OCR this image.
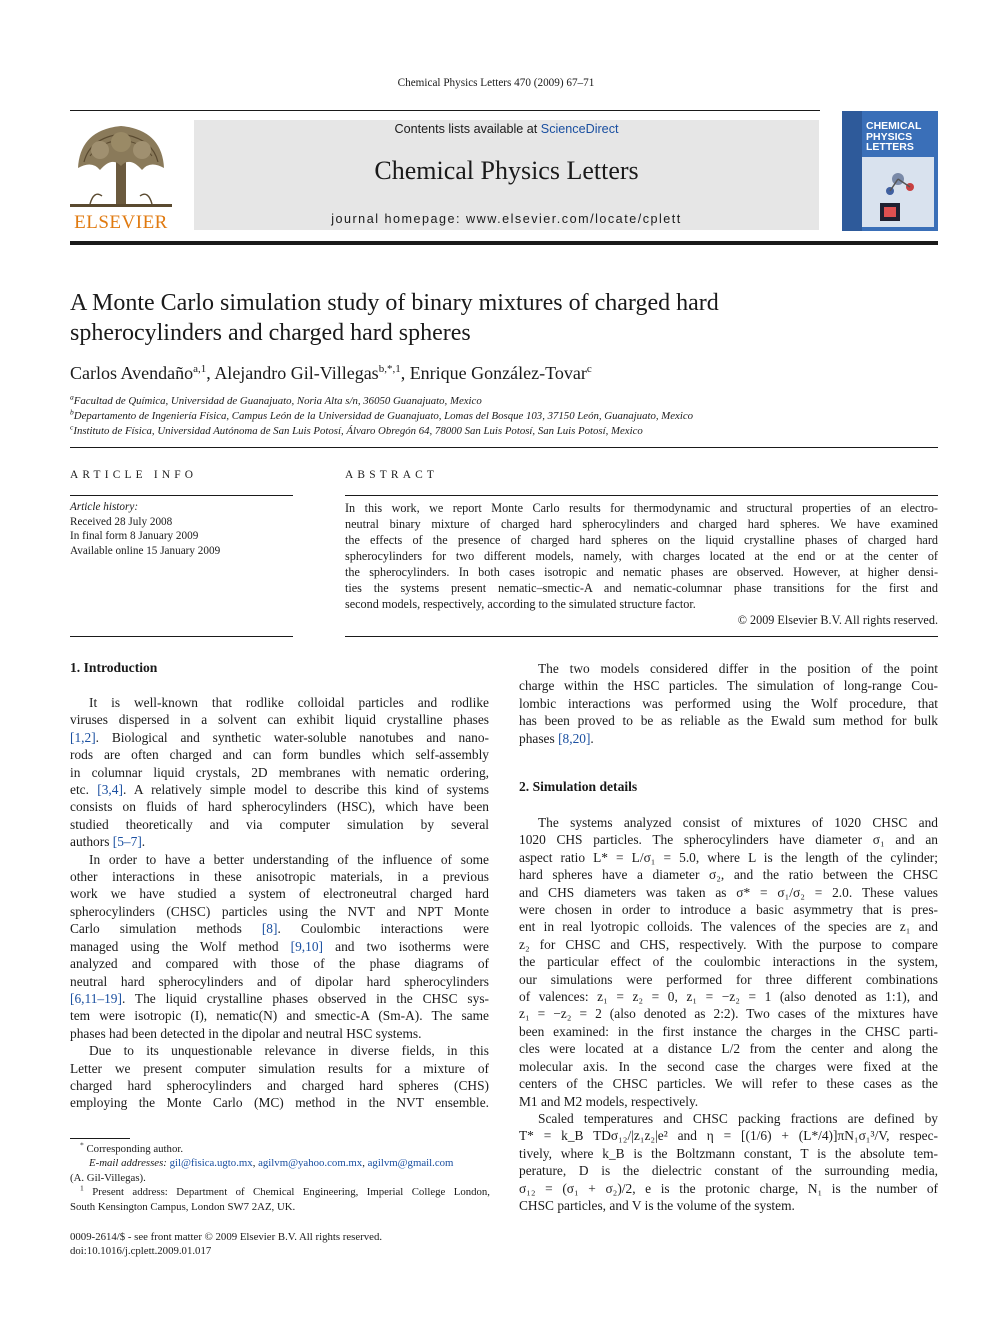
Chemical Physics Letters 470 (2009) 67–71
ELSEVIER
Contents lists available at ScienceDirect
Chemical Physics Letters
journal homepage: www.elsevier.com/locate/cplett
CHEMICAL
PHYSICS
LETTERS
A Monte Carlo simulation study of binary mixtures of charged hard
spherocylinders and charged hard spheres
Carlos Avendaño$^{a,1}$, Alejandro Gil-Villegas$^{b,*,1}$, Enrique González-Tovar$^c$
$^a$Facultad de Química, Universidad de Guanajuato, Noria Alta s/n, 36050 Guanajuato, Mexico
$^b$Departamento de Ingeniería Física, Campus León de la Universidad de Guanajuato, Lomas del Bosque 103, 37150 León, Guanajuato, Mexico
$^c$Instituto de Física, Universidad Autónoma de San Luis Potosí, Álvaro Obregón 64, 78000 San Luis Potosí, San Luis Potosí, Mexico
ARTICLE INFO
Article history:
Received 28 July 2008
In final form 8 January 2009
Available online 15 January 2009
ABSTRACT
In this work, we report Monte Carlo results for thermodynamic and structural properties of an electro-
neutral binary mixture of charged hard spherocylinders and charged hard spheres. We have examined
the effects of the presence of charged hard spheres on the liquid crystalline phases of charged hard
spherocylinders for two different models, namely, with charges located at the end or at the center of
the spherocylinders. In both cases isotropic and nematic phases are observed. However, at higher densi-
ties the systems present nematic–smectic-A and nematic-columnar phase transitions for the first and
second models, respectively, according to the simulated structure factor.
© 2009 Elsevier B.V. All rights reserved.
1. Introduction

It is well-known that rodlike colloidal particles and rodlike

viruses dispersed in a solvent can exhibit liquid crystalline phases

[1,2]. Biological and synthetic water-soluble nanotubes and nano-

rods are often charged and can form bundles which self-assembly

in columnar liquid crystals, 2D membranes with nematic ordering,

etc. [3,4]. A relatively simple model to describe this kind of systems

consists on fluids of hard spherocylinders (HSC), which have been

studied theoretically and via computer simulation by several

authors [5–7].

In order to have a better understanding of the influence of some

other interactions in these anisotropic materials, in a previous

work we have studied a system of electroneutral charged hard

spherocylinders (CHSC) particles using the NVT and NPT Monte

Carlo simulation methods [8]. Coulombic interactions were

managed using the Wolf method [9,10] and two isotherms were

analyzed and compared with those of the phase diagrams of

neutral hard spherocylinders and of dipolar hard spherocylinders

[6,11–19]. The liquid crystalline phases observed in the CHSC sys-

tem were isotropic (I), nematic(N) and smectic-A (Sm-A). The same

phases had been detected in the dipolar and neutral HSC systems.

Due to its unquestionable relevance in diverse fields, in this

Letter we present computer simulation results for a mixture of

charged hard spherocylinders and charged hard spheres (CHS)

employing the Monte Carlo (MC) method in the NVT ensemble.

* Corresponding author.
E-mail addresses: gil@fisica.ugto.mx, agilvm@yahoo.com.mx, agilvm@gmail.com
(A. Gil-Villegas).
$^1$ Present address: Department of Chemical Engineering, Imperial College London,
South Kensington Campus, London SW7 2AZ, UK.
0009-2614/$ - see front matter © 2009 Elsevier B.V. All rights reserved.
doi:10.1016/j.cplett.2009.01.017

The two models considered differ in the position of the point

charge within the HSC particles. The simulation of long-range Cou-

lombic interactions was performed using the Wolf procedure, that

has been proved to be as reliable as the Ewald sum method for bulk

phases [8,20].

2. Simulation details

The systems analyzed consist of mixtures of 1020 CHSC and

1020 CHS particles. The spherocylinders have diameter σ₁ and an

aspect ratio L* = L/σ₁ = 5.0, where L is the length of the cylinder;

hard spheres have a diameter σ₂, and the ratio between the CHSC

and CHS diameters was taken as σ* = σ₁/σ₂ = 2.0. These values

were chosen in order to introduce a basic asymmetry that is pres-

ent in real lyotropic colloids. The valences of the species are z₁ and

z₂ for CHSC and CHS, respectively. With the purpose to compare

the particular effect of the coulombic interactions in the system,

our simulations were performed for three different combinations

of valences: z₁ = z₂ = 0, z₁ = −z₂ = 1 (also denoted as 1:1), and

z₁ = −z₂ = 2 (also denoted as 2:2). Two cases of the mixtures have

been examined: in the first instance the charges in the CHSC parti-

cles were located at a distance L/2 from the center and along the

molecular axis. In the second case the charges were fixed at the

centers of the CHSC particles. We will refer to these cases as the

M1 and M2 models, respectively.

Scaled temperatures and CHSC packing fractions are defined by

T* = k_B TDσ₁₂/|z₁z₂|e² and η = [(1/6) + (L*/4)]πN₁σ₁³/V, respec-

tively, where k_B is the Boltzmann constant, T is the absolute tem-

perature, D is the dielectric constant of the surrounding media,

σ₁₂ = (σ₁ + σ₂)/2, e is the protonic charge, N₁ is the number of

CHSC particles, and V is the volume of the system.
